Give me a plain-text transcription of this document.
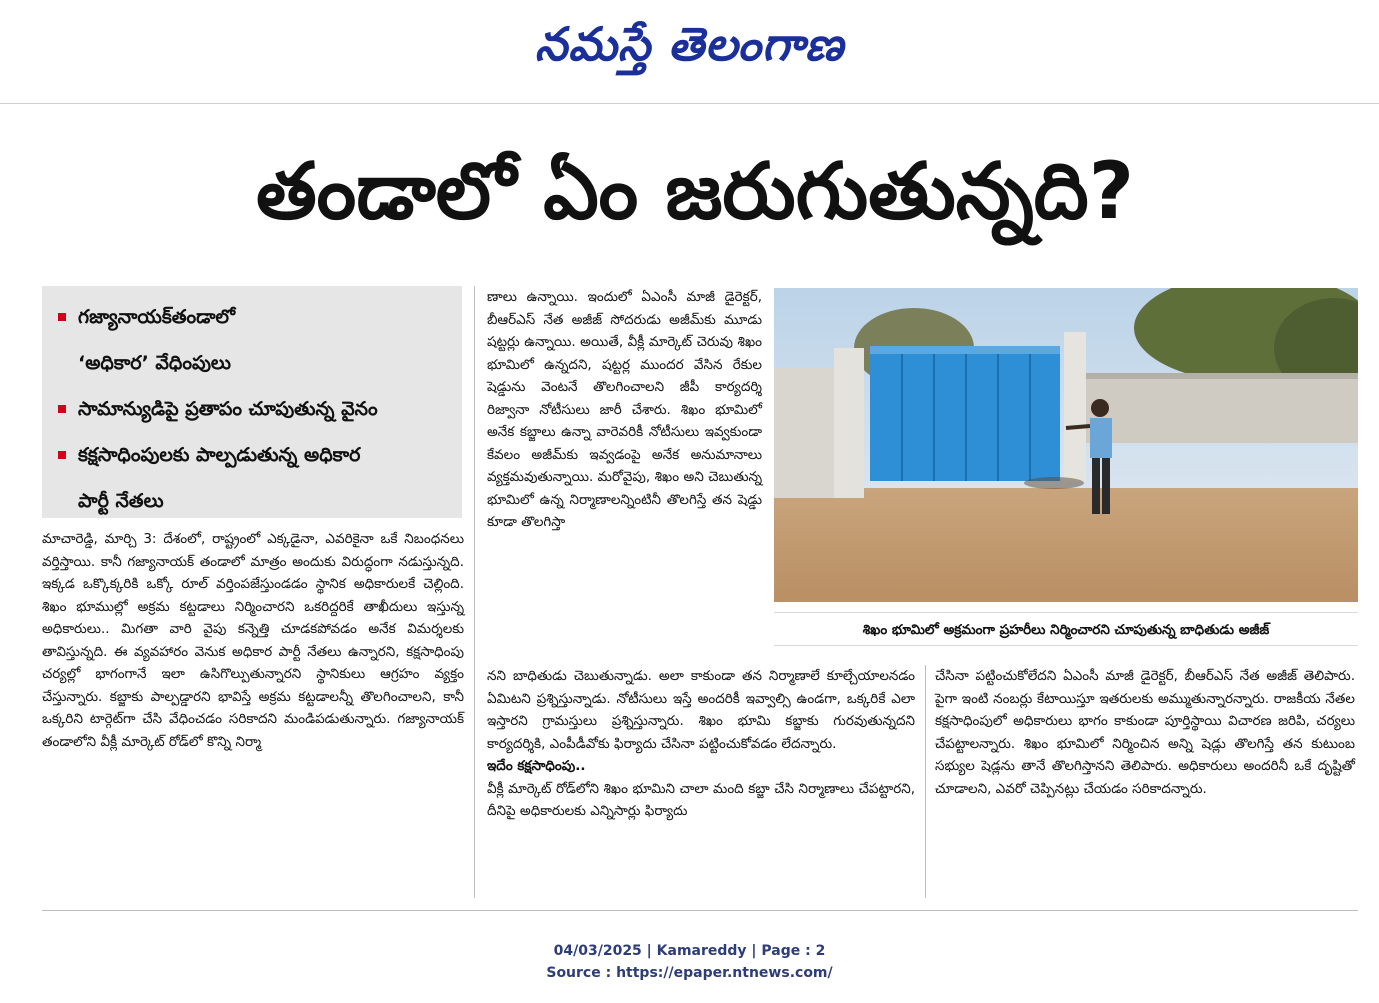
నమస్తే తెలంగాణ
తండాలో ఏం జరుగుతున్నది?
గజ్యానాయక్‌తండాలో
‘అధికార’ వేధింపులు
సామాన్యుడిపై ప్రతాపం చూపుతున్న వైనం
కక్షసాధింపులకు పాల్పడుతున్న అధికార
పార్టీ నేతలు

మాచారెడ్డి, మార్చి 3: దేశంలో, రాష్ట్రంలో ఎక్కడైనా, ఎవరికైనా ఒకే నిబంధనలు వర్తిస్తాయి. కానీ గజ్యానాయక్ తండాలో మాత్రం అందుకు విరుద్ధంగా నడుస్తున్నది. ఇక్కడ ఒక్కొక్కరికి ఒక్కో రూల్ వర్తింపజేస్తుండడం స్థానిక అధికారులకే చెల్లింది. శిఖం భూముల్లో అక్రమ కట్టడాలు నిర్మించారని ఒకరిద్దరికే తాఖీదులు ఇస్తున్న అధికారులు.. మిగతా వారి వైపు కన్నెత్తి చూడకపోవడం అనేక విమర్శలకు తావిస్తున్నది. ఈ వ్యవహారం వెనుక అధికార పార్టీ నేతలు ఉన్నారని, కక్షసాధింపు చర్యల్లో భాగంగానే ఇలా ఉసిగొల్పుతున్నారని స్థానికులు ఆగ్రహం వ్యక్తం చేస్తున్నారు. కబ్జాకు పాల్పడ్డారని భావిస్తే అక్రమ కట్టడాలన్నీ తొలగించాలని, కానీ ఒక్కరిని టార్గెట్‌గా చేసి వేధించడం సరికాదని మండిపడుతున్నారు. గజ్యానాయక్ తండాలోని వీక్లీ మార్కెట్ రోడ్‌లో కొన్ని నిర్మా

ణాలు ఉన్నాయి. ఇందులో ఏఎంసీ మాజీ డైరెక్టర్, బీఆర్‌ఎస్ నేత అజీజ్ సోదరుడు అజీమ్‌కు మూడు షట్టర్లు ఉన్నాయి. అయితే, వీక్లీ మార్కెట్ చెరువు శిఖం భూమిలో ఉన్నదని, షట్టర్ల ముందర వేసిన రేకుల షెడ్డును వెంటనే తొలగించాలని జీపీ కార్యదర్శి రిజ్వానా నోటీసులు జారీ చేశారు. శిఖం భూమిలో అనేక కబ్జాలు ఉన్నా వారెవరికీ నోటీసులు ఇవ్వకుండా కేవలం అజీమ్‌కు ఇవ్వడంపై అనేక అనుమానాలు వ్యక్తమవుతున్నాయి. మరోవైపు, శిఖం అని చెబుతున్న భూమిలో ఉన్న నిర్మాణాలన్నింటినీ తొలగిస్తే తన షెడ్డు కూడా తొలగిస్తా

శిఖం భూమిలో అక్రమంగా ప్రహరీలు నిర్మించారని చూపుతున్న బాధితుడు అజీజ్

నని బాధితుడు చెబుతున్నాడు. అలా కాకుండా తన నిర్మాణాలే కూల్చేయాలనడం ఏమిటని ప్రశ్నిస్తున్నాడు. నోటీసులు ఇస్తే అందరికీ ఇవ్వాల్సి ఉండగా, ఒక్కరికే ఎలా ఇస్తారని గ్రామస్తులు ప్రశ్నిస్తున్నారు. శిఖం భూమి కబ్జాకు గురవుతున్నదని కార్యదర్శికి, ఎంపీడీవోకు ఫిర్యాదు చేసినా పట్టించుకోవడం లేదన్నారు.

ఇదేం కక్షసాధింపు..

వీక్లీ మార్కెట్ రోడ్‌లోని శిఖం భూమిని చాలా మంది కబ్జా చేసి నిర్మాణాలు చేపట్టారని, దీనిపై అధికారులకు ఎన్నిసార్లు ఫిర్యాదు

చేసినా పట్టించుకోలేదని ఏఎంసీ మాజీ డైరెక్టర్, బీఆర్‌ఎస్ నేత అజీజ్ తెలిపారు. పైగా ఇంటి నంబర్లు కేటాయిస్తూ ఇతరులకు అమ్ముతున్నారన్నారు. రాజకీయ నేతల కక్షసాధింపులో అధికారులు భాగం కాకుండా పూర్తిస్థాయి విచారణ జరిపి, చర్యలు చేపట్టాలన్నారు. శిఖం భూమిలో నిర్మించిన అన్ని షెడ్లు తొలగిస్తే తన కుటుంబ సభ్యుల షెడ్లను తానే తొలగిస్తానని తెలిపారు. అధికారులు అందరినీ ఒకే దృష్టితో చూడాలని, ఎవరో చెప్పినట్లు చేయడం సరికాదన్నారు.

04/03/2025 | Kamareddy | Page : 2
Source : https://epaper.ntnews.com/
